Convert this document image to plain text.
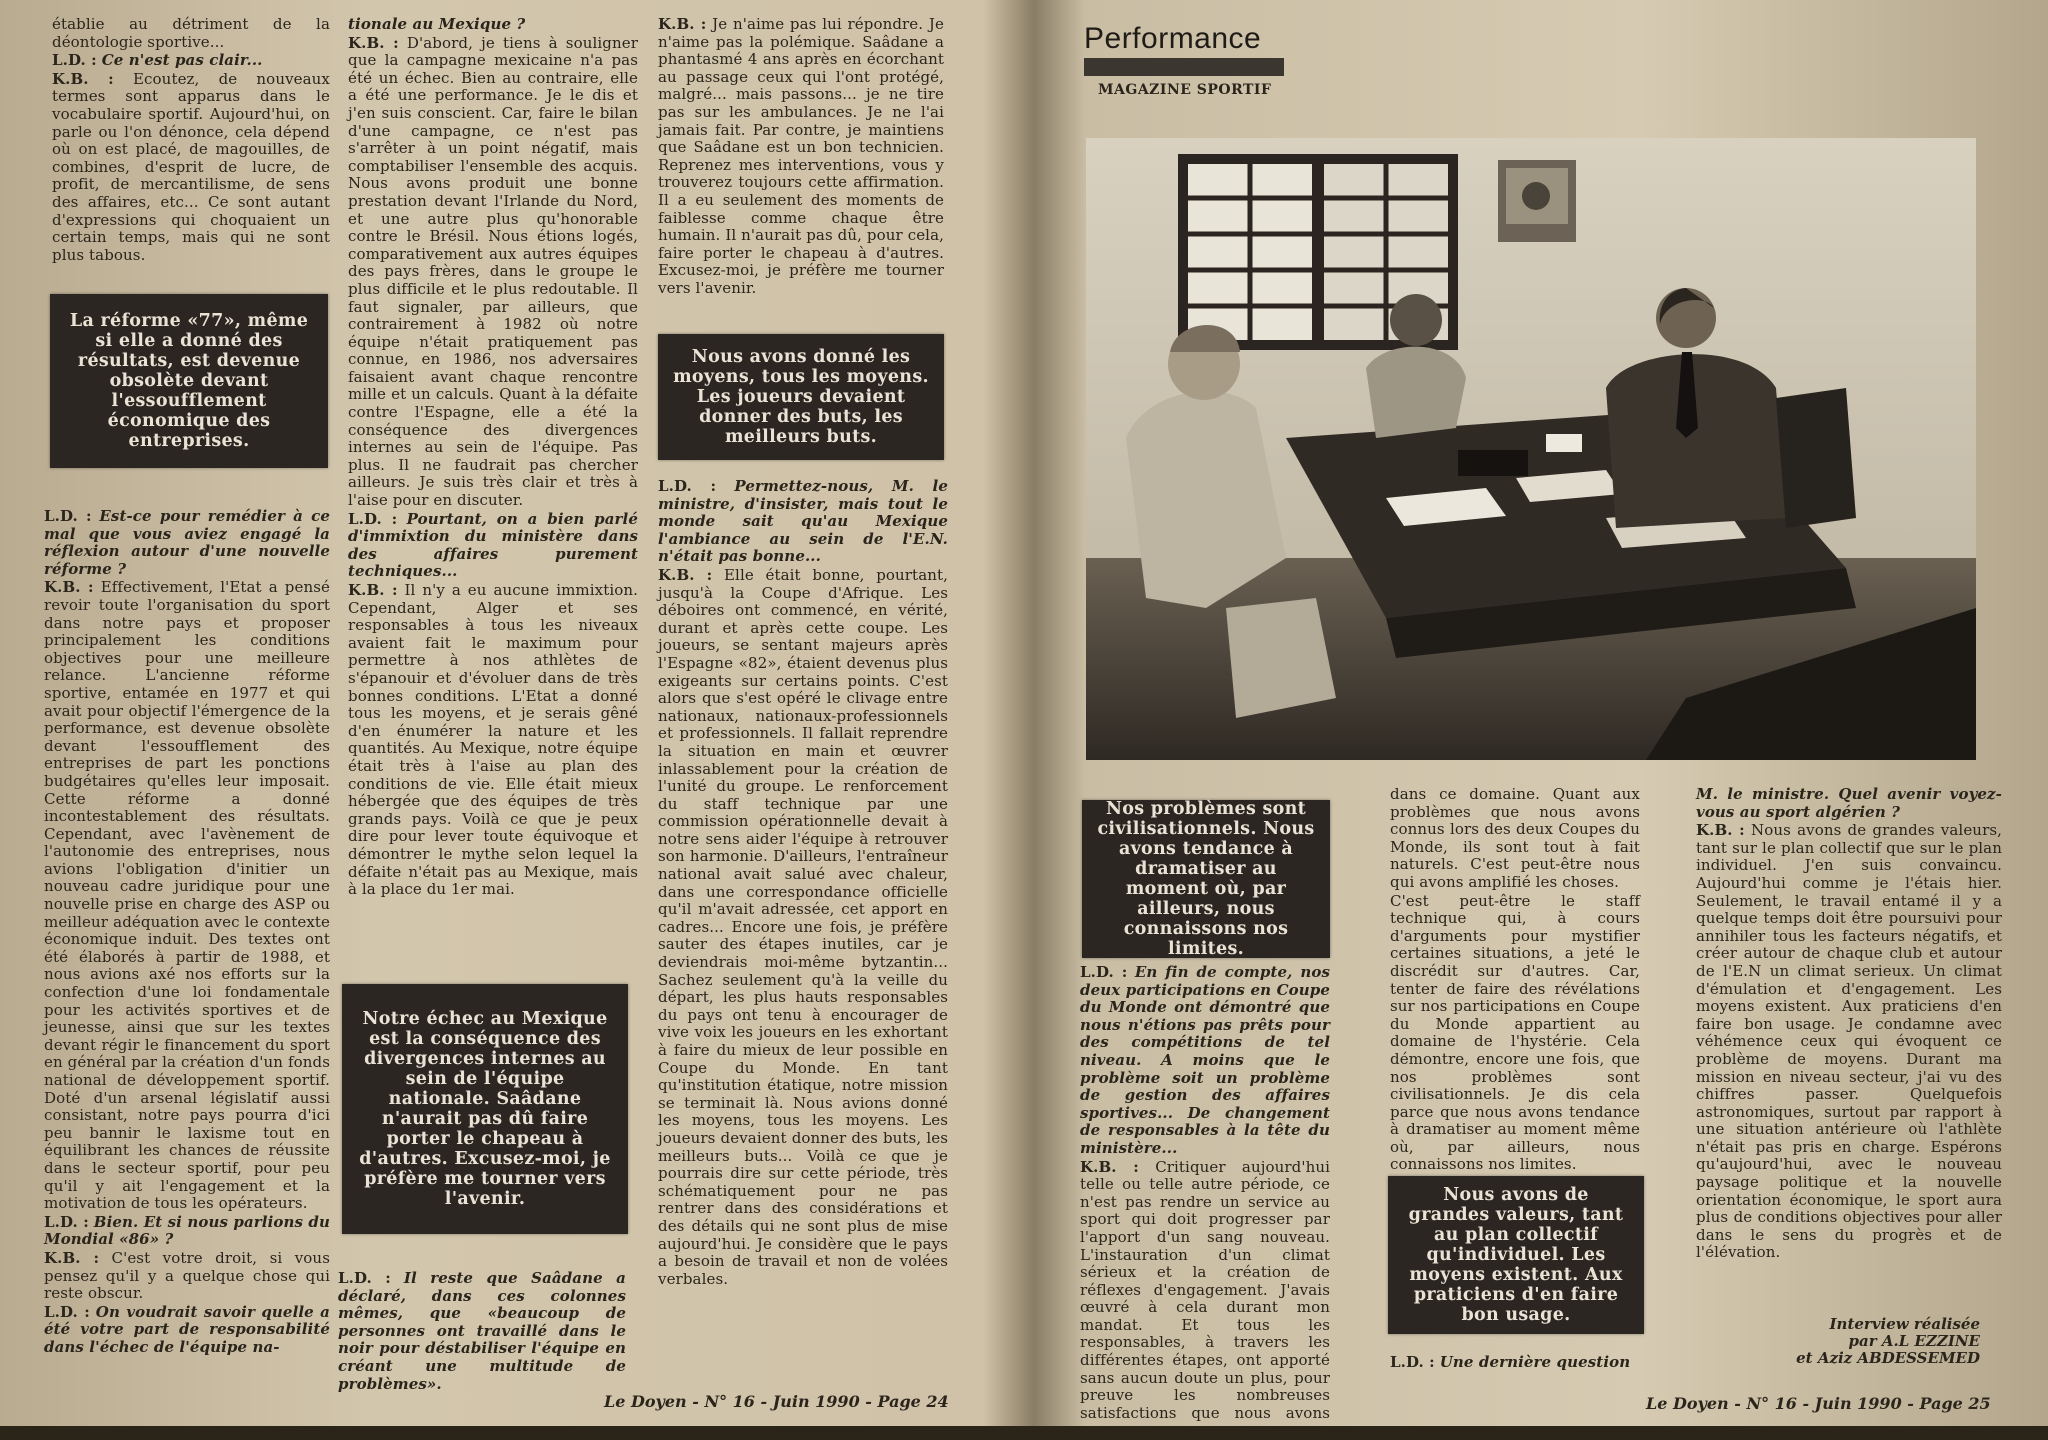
établie au détriment de la déontologie sportive...

L.D. : Ce n'est pas clair...

K.B. : Ecoutez, de nouveaux termes sont apparus dans le vocabulaire sportif. Aujourd'hui, on parle ou l'on dénonce, cela dépend où on est placé, de magouilles, de combines, d'esprit de lucre, de profit, de mercantilisme, de sens des affaires, etc... Ce sont autant d'expressions qui choquaient un certain temps, mais qui ne sont plus tabous.

La réforme «77», même si elle a donné des résultats, est devenue obsolète devant l'essoufflement économique des entreprises.

L.D. : Est-ce pour remédier à ce mal que vous aviez engagé la réflexion autour d'une nouvelle réforme ?

K.B. : Effectivement, l'Etat a pensé revoir toute l'organisation du sport dans notre pays et proposer principalement les conditions objectives pour une meilleure relance. L'ancienne réforme sportive, entamée en 1977 et qui avait pour objectif l'émergence de la performance, est devenue obsolète devant l'essoufflement des entreprises de part les ponctions budgétaires qu'elles leur imposait. Cette réforme a donné incontestablement des résultats. Cependant, avec l'avènement de l'autonomie des entreprises, nous avions l'obligation d'initier un nouveau cadre juridique pour une nouvelle prise en charge des ASP ou meilleur adéquation avec le contexte économique induit. Des textes ont été élaborés à partir de 1988, et nous avions axé nos efforts sur la confection d'une loi fondamentale pour les activités sportives et de jeunesse, ainsi que sur les textes devant régir le financement du sport en général par la création d'un fonds national de développement sportif. Doté d'un arsenal législatif aussi consistant, notre pays pourra d'ici peu bannir le laxisme tout en équilibrant les chances de réussite dans le secteur sportif, pour peu qu'il y ait l'engagement et la motivation de tous les opérateurs.

L.D. : Bien. Et si nous parlions du Mondial «86» ?

K.B. : C'est votre droit, si vous pensez qu'il y a quelque chose qui reste obscur.

L.D. : On voudrait savoir quelle a été votre part de responsabilité dans l'échec de l'équipe na-

tionale au Mexique ?

K.B. : D'abord, je tiens à souligner que la campagne mexicaine n'a pas été un échec. Bien au contraire, elle a été une performance. Je le dis et j'en suis conscient. Car, faire le bilan d'une campagne, ce n'est pas s'arrêter à un point négatif, mais comptabiliser l'ensemble des acquis. Nous avons produit une bonne prestation devant l'Irlande du Nord, et une autre plus qu'honorable contre le Brésil. Nous étions logés, comparativement aux autres équipes des pays frères, dans le groupe le plus difficile et le plus redoutable. Il faut signaler, par ailleurs, que contrairement à 1982 où notre équipe n'était pratiquement pas connue, en 1986, nos adversaires faisaient avant chaque rencontre mille et un calculs. Quant à la défaite contre l'Espagne, elle a été la conséquence des divergences internes au sein de l'équipe. Pas plus. Il ne faudrait pas chercher ailleurs. Je suis très clair et très à l'aise pour en discuter.

L.D. : Pourtant, on a bien parlé d'immixtion du ministère dans des affaires purement techniques...

K.B. : Il n'y a eu aucune immixtion. Cependant, Alger et ses responsables à tous les niveaux avaient fait le maximum pour permettre à nos athlètes de s'épanouir et d'évoluer dans de très bonnes conditions. L'Etat a donné tous les moyens, et je serais gêné d'en énumérer la nature et les quantités. Au Mexique, notre équipe était très à l'aise au plan des conditions de vie. Elle était mieux hébergée que des équipes de très grands pays. Voilà ce que je peux dire pour lever toute équivoque et démontrer le mythe selon lequel la défaite n'était pas au Mexique, mais à la place du 1er mai.

Notre échec au Mexique est la conséquence des divergences internes au sein de l'équipe nationale. Saâdane n'aurait pas dû faire porter le chapeau à d'autres. Excusez-moi, je préfère me tourner vers l'avenir.

L.D. : Il reste que Saâdane a déclaré, dans ces colonnes mêmes, que «beaucoup de personnes ont travaillé dans le noir pour déstabiliser l'équipe en créant une multitude de problèmes».

K.B. : Je n'aime pas lui répondre. Je n'aime pas la polémique. Saâdane a phantasmé 4 ans après en écorchant au passage ceux qui l'ont protégé, malgré... mais passons... je ne tire pas sur les ambulances. Je ne l'ai jamais fait. Par contre, je maintiens que Saâdane est un bon technicien. Reprenez mes interventions, vous y trouverez toujours cette affirmation. Il a eu seulement des moments de faiblesse comme chaque être humain. Il n'aurait pas dû, pour cela, faire porter le chapeau à d'autres. Excusez-moi, je préfère me tourner vers l'avenir.

Nous avons donné les moyens, tous les moyens. Les joueurs devaient donner des buts, les meilleurs buts.

L.D. : Permettez-nous, M. le ministre, d'insister, mais tout le monde sait qu'au Mexique l'ambiance au sein de l'E.N. n'était pas bonne...

K.B. : Elle était bonne, pourtant, jusqu'à la Coupe d'Afrique. Les déboires ont commencé, en vérité, durant et après cette coupe. Les joueurs, se sentant majeurs après l'Espagne «82», étaient devenus plus exigeants sur certains points. C'est alors que s'est opéré le clivage entre nationaux, nationaux-professionnels et professionnels. Il fallait reprendre la situation en main et œuvrer inlassablement pour la création de l'unité du groupe. Le renforcement du staff technique par une commission opérationnelle devait à notre sens aider l'équipe à retrouver son harmonie. D'ailleurs, l'entraîneur national avait salué avec chaleur, dans une correspondance officielle qu'il m'avait adressée, cet apport en cadres... Encore une fois, je préfère sauter des étapes inutiles, car je deviendrais moi-même bytzantin... Sachez seulement qu'à la veille du départ, les plus hauts responsables du pays ont tenu à encourager de vive voix les joueurs en les exhortant à faire du mieux de leur possible en Coupe du Monde. En tant qu'institution étatique, notre mission se terminait là. Nous avions donné les moyens, tous les moyens. Les joueurs devaient donner des buts, les meilleurs buts... Voilà ce que je pourrais dire sur cette période, très schématiquement pour ne pas rentrer dans des considérations et des détails qui ne sont plus de mise aujourd'hui. Je considère que le pays a besoin de travail et non de volées verbales.

Le Doyen - N° 16 - Juin 1990 - Page 24
Performance
MAGAZINE SPORTIF
Nos problèmes sont civilisationnels. Nous avons tendance à dramatiser au moment où, par ailleurs, nous connaissons nos limites.

L.D. : En fin de compte, nos deux participations en Coupe du Monde ont démontré que nous n'étions pas prêts pour des compétitions de tel niveau. A moins que le problème soit un problème de gestion des affaires sportives... De changement de responsables à la tête du ministère...

K.B. : Critiquer aujourd'hui telle ou telle autre période, ce n'est pas rendre un service au sport qui doit progresser par l'apport d'un sang nouveau. L'instauration d'un climat sérieux et la création de réflexes d'engagement. J'avais œuvré à cela durant mon mandat. Et tous les responsables, à travers les différentes étapes, ont apporté sans aucun doute un plus, pour preuve les nombreuses satisfactions que nous avons eues

dans ce domaine. Quant aux problèmes que nous avons connus lors des deux Coupes du Monde, ils sont tout à fait naturels. C'est peut-être nous qui avons amplifié les choses.

C'est peut-être le staff technique qui, à cours d'arguments pour mystifier certaines situations, a jeté le discrédit sur d'autres. Car, tenter de faire des révélations sur nos participations en Coupe du Monde appartient au domaine de l'hystérie. Cela démontre, encore une fois, que nos problèmes sont civilisationnels. Je dis cela parce que nous avons tendance à dramatiser au moment même où, par ailleurs, nous connaissons nos limites.

Nous avons de grandes valeurs, tant au plan collectif qu'individuel. Les moyens existent. Aux praticiens d'en faire bon usage.

L.D. : Une dernière question

M. le ministre. Quel avenir voyez-vous au sport algérien ?

K.B. : Nous avons de grandes valeurs, tant sur le plan collectif que sur le plan individuel. J'en suis convaincu. Aujourd'hui comme je l'étais hier. Seulement, le travail entamé il y a quelque temps doit être poursuivi pour annihiler tous les facteurs négatifs, et créer autour de chaque club et autour de l'E.N un climat serieux. Un climat d'émulation et d'engagement. Les moyens existent. Aux praticiens d'en faire bon usage. Je condamne avec véhémence ceux qui évoquent ce problème de moyens. Durant ma mission en niveau secteur, j'ai vu des chiffres passer. Quelquefois astronomiques, surtout par rapport à une situation antérieure où l'athlète n'était pas pris en charge. Espérons qu'aujourd'hui, avec le nouveau paysage politique et la nouvelle orientation économique, le sport aura plus de conditions objectives pour aller dans le sens du progrès et de l'élévation.

Le Doyen - N° 16 - Juin 1990 - Page 25
Interview réalisée
par A.L EZZINE
et Aziz ABDESSEMED
